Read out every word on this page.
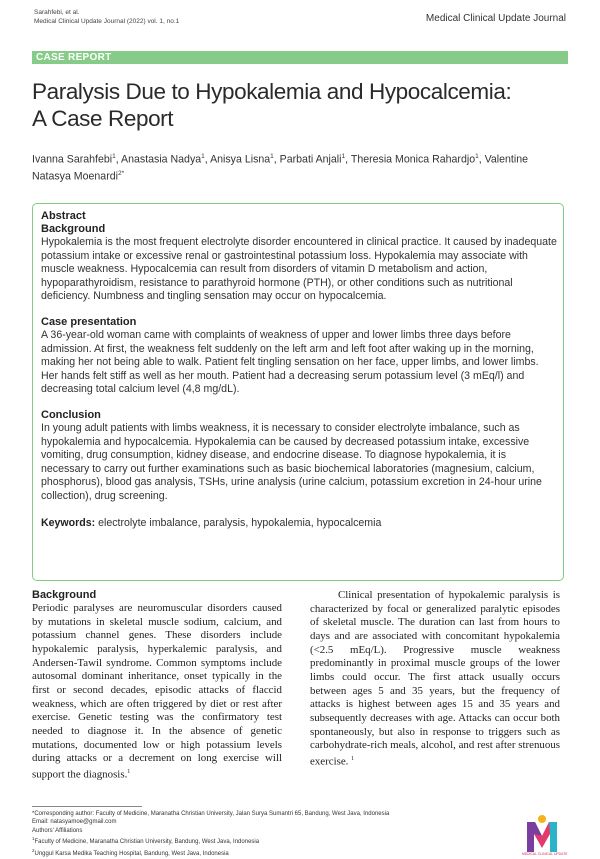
Sarahfebi, et al.
Medical Clinical Update Journal (2022) vol. 1, no.1	Medical Clinical Update Journal
CASE REPORT
Paralysis Due to Hypokalemia and Hypocalcemia:
A Case Report
Ivanna Sarahfebi$^1$, Anastasia Nadya$^1$, Anisya Lisna$^1$, Parbati Anjali$^1$, Theresia Monica Rahardjo$^1$, Valentine Natasya Moenardi$^{2*}$
Abstract
Background

Hypokalemia is the most frequent electrolyte disorder encountered in clinical practice. It caused by inadequate potassium intake or excessive renal or gastrointestinal potassium loss. Hypokalemia may associate with muscle weakness. Hypocalcemia can result from disorders of vitamin D metabolism and action, hypoparathyroidism, resistance to parathyroid hormone (PTH), or other conditions such as nutritional deficiency. Numbness and tingling sensation may occur on hypocalcemia.

Case presentation

A 36-year-old woman came with complaints of weakness of upper and lower limbs three days before admission. At first, the weakness felt suddenly on the left arm and left foot after waking up in the morning, making her not being able to walk. Patient felt tingling sensation on her face, upper limbs, and lower limbs. Her hands felt stiff as well as her mouth. Patient had a decreasing serum potassium level (3 mEq/l) and decreasing total calcium level (4,8 mg/dL).

Conclusion

In young adult patients with limbs weakness, it is necessary to consider electrolyte imbalance, such as hypokalemia and hypocalcemia. Hypokalemia can be caused by decreased potassium intake, excessive vomiting, drug consumption, kidney disease, and endocrine disease. To diagnose hypokalemia, it is necessary to carry out further examinations such as basic biochemical laboratories (magnesium, calcium, phosphorus), blood gas analysis, TSHs, urine analysis (urine calcium, potassium excretion in 24-hour urine collection), drug screening.

Keywords: electrolyte imbalance, paralysis, hypokalemia, hypocalcemia
Background

Periodic paralyses are neuromuscular disorders caused by mutations in skeletal muscle sodium, calcium, and potassium channel genes. These disorders include hypokalemic paralysis, hyperkalemic paralysis, and Andersen-Tawil syndrome. Common symptoms include autosomal dominant inheritance, onset typically in the first or second decades, episodic attacks of flaccid weakness, which are often triggered by diet or rest after exercise. Genetic testing was the confirmatory test needed to diagnose it. In the absence of genetic mutations, documented low or high potassium levels during attacks or a decrement on long exercise will support the diagnosis.$^1$

Clinical presentation of hypokalemic paralysis is characterized by focal or generalized paralytic episodes of skeletal muscle. The duration can last from hours to days and are associated with concomitant hypokalemia (<2.5 mEq/L). Progressive muscle weakness predominantly in proximal muscle groups of the lower limbs could occur. The first attack usually occurs between ages 5 and 35 years, but the frequency of attacks is highest between ages 15 and 35 years and subsequently decreases with age. Attacks can occur both spontaneously, but also in response to triggers such as carbohydrate-rich meals, alcohol, and rest after strenuous exercise. $^1$

*Corresponding author: Faculty of Medicine, Maranatha Christian University, Jalan Surya Sumantri 65, Bandung, West Java, Indonesia
Email: natasyamoe@gmail.com
Authors' Affiliations
$^1$Faculty of Medicine, Maranatha Christian University, Bandung, West Java, Indonesia
$^2$Unggul Karsa Medika Teaching Hospital, Bandung, West Java, Indonesia	MEDICAL CLINICAL UPDATE
